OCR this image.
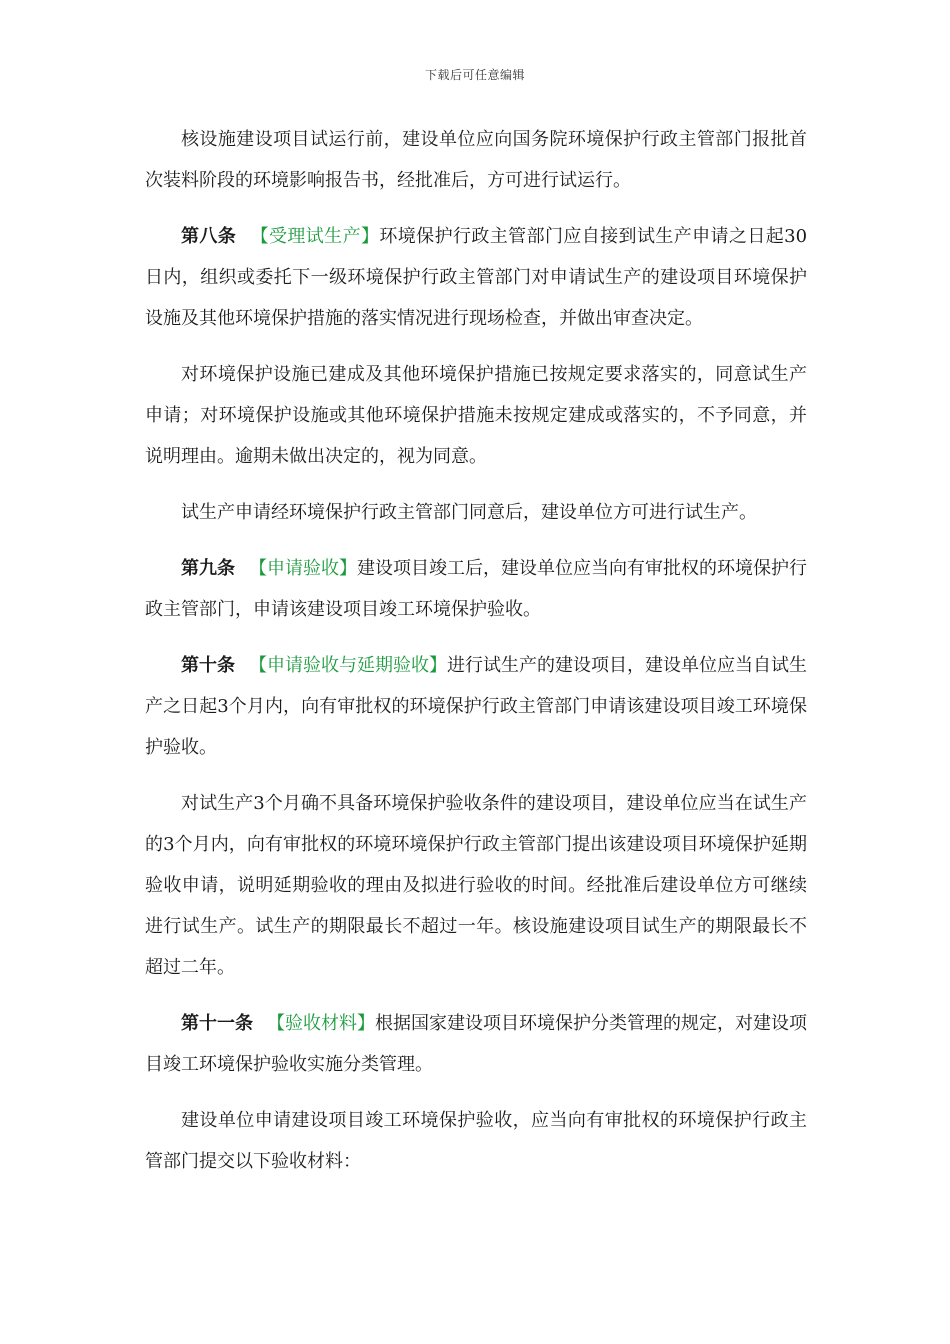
下载后可任意编辑

核设施建设项目试运行前，建设单位应向国务院环境保护行政主管部门报批首次装料阶段的环境影响报告书，经批准后，方可进行试运行。

第八条 【受理试生产】环境保护行政主管部门应自接到试生产申请之日起30日内，组织或委托下一级环境保护行政主管部门对申请试生产的建设项目环境保护设施及其他环境保护措施的落实情况进行现场检查，并做出审查决定。

对环境保护设施已建成及其他环境保护措施已按规定要求落实的，同意试生产申请；对环境保护设施或其他环境保护措施未按规定建成或落实的，不予同意，并说明理由。逾期未做出决定的，视为同意。

试生产申请经环境保护行政主管部门同意后，建设单位方可进行试生产。

第九条 【申请验收】建设项目竣工后，建设单位应当向有审批权的环境保护行政主管部门，申请该建设项目竣工环境保护验收。

第十条 【申请验收与延期验收】进行试生产的建设项目，建设单位应当自试生产之日起3个月内，向有审批权的环境保护行政主管部门申请该建设项目竣工环境保护验收。

对试生产3个月确不具备环境保护验收条件的建设项目，建设单位应当在试生产的3个月内，向有审批权的环境环境保护行政主管部门提出该建设项目环境保护延期验收申请，说明延期验收的理由及拟进行验收的时间。经批准后建设单位方可继续进行试生产。试生产的期限最长不超过一年。核设施建设项目试生产的期限最长不超过二年。

第十一条 【验收材料】根据国家建设项目环境保护分类管理的规定，对建设项目竣工环境保护验收实施分类管理。

建设单位申请建设项目竣工环境保护验收，应当向有审批权的环境保护行政主管部门提交以下验收材料：
